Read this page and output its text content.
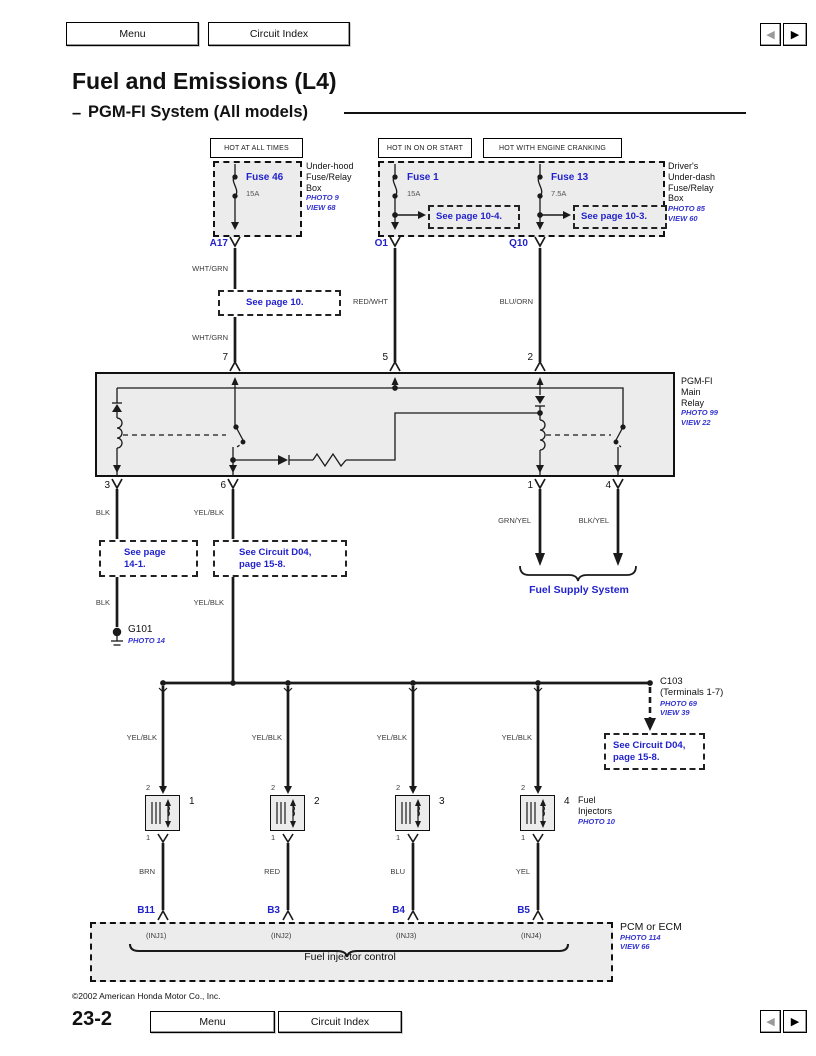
Menu	Circuit Index	◀	▶
Fuel and Emissions (L4)
– PGM-FI System (All models)
HOT AT ALL TIMES	HOT IN ON OR START	HOT WITH ENGINE CRANKING
Fuse 46
15A
Fuse 1
15A
Fuse 13
7.5A
Under-hood
Fuse/Relay
Box
PHOTO 9
VIEW 68
Driver's
Under-dash
Fuse/Relay
Box
PHOTO 85
VIEW 60
See page 10-4.	See page 10-3.
A17	O1	Q10
WHT/GRN
WHT/GRN
RED/WHT	BLU/ORN
See page 10.
7	5	2
PGM-FI
Main
Relay
PHOTO 99
VIEW 22
3	6	1	4
BLK	YEL/BLK
GRN/YEL	BLK/YEL
BLK	YEL/BLK
See page
14-1.
See Circuit D04,
page 15-8.
G101
PHOTO 14
Fuel Supply System
C103
(Terminals 1-7)
PHOTO 69
VIEW 39
See Circuit D04,
page 15-8.
YEL/BLK
2
1
1
BRN
B11
(INJ1)
YEL/BLK
2
2
1
RED
B3
(INJ2)
YEL/BLK
2
3
1
BLU
B4
(INJ3)
YEL/BLK
2
4
1
YEL
B5
(INJ4)
Fuel
Injectors
PHOTO 10
Fuel injector control
PCM or ECM
PHOTO 114
VIEW 66
©2002 American Honda Motor Co., Inc.
23-2	Menu	Circuit Index	◀	▶
